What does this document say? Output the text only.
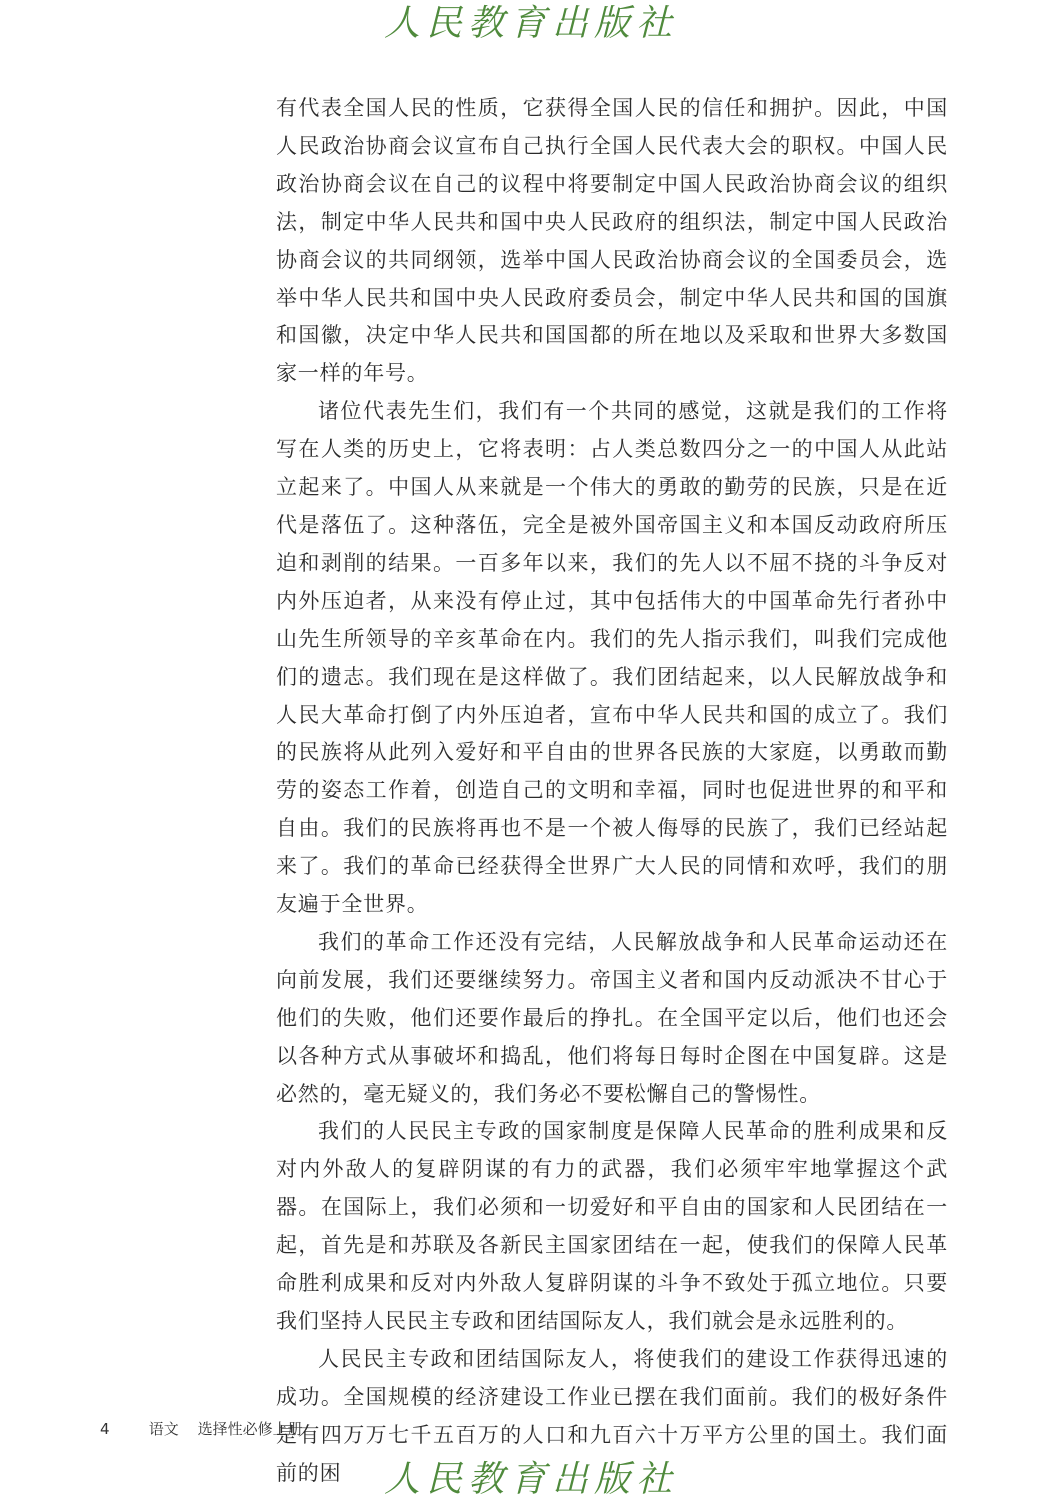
人民教育出版社

有代表全国人民的性质，它获得全国人民的信任和拥护。因此，中国人民政治协商会议宣布自己执行全国人民代表大会的职权。中国人民政治协商会议在自己的议程中将要制定中国人民政治协商会议的组织法，制定中华人民共和国中央人民政府的组织法，制定中国人民政治协商会议的共同纲领，选举中国人民政治协商会议的全国委员会，选举中华人民共和国中央人民政府委员会，制定中华人民共和国的国旗和国徽，决定中华人民共和国国都的所在地以及采取和世界大多数国家一样的年号。

诸位代表先生们，我们有一个共同的感觉，这就是我们的工作将写在人类的历史上，它将表明：占人类总数四分之一的中国人从此站立起来了。中国人从来就是一个伟大的勇敢的勤劳的民族，只是在近代是落伍了。这种落伍，完全是被外国帝国主义和本国反动政府所压迫和剥削的结果。一百多年以来，我们的先人以不屈不挠的斗争反对内外压迫者，从来没有停止过，其中包括伟大的中国革命先行者孙中山先生所领导的辛亥革命在内。我们的先人指示我们，叫我们完成他们的遗志。我们现在是这样做了。我们团结起来，以人民解放战争和人民大革命打倒了内外压迫者，宣布中华人民共和国的成立了。我们的民族将从此列入爱好和平自由的世界各民族的大家庭，以勇敢而勤劳的姿态工作着，创造自己的文明和幸福，同时也促进世界的和平和自由。我们的民族将再也不是一个被人侮辱的民族了，我们已经站起来了。我们的革命已经获得全世界广大人民的同情和欢呼，我们的朋友遍于全世界。

我们的革命工作还没有完结，人民解放战争和人民革命运动还在向前发展，我们还要继续努力。帝国主义者和国内反动派决不甘心于他们的失败，他们还要作最后的挣扎。在全国平定以后，他们也还会以各种方式从事破坏和捣乱，他们将每日每时企图在中国复辟。这是必然的，毫无疑义的，我们务必不要松懈自己的警惕性。

我们的人民民主专政的国家制度是保障人民革命的胜利成果和反对内外敌人的复辟阴谋的有力的武器，我们必须牢牢地掌握这个武器。在国际上，我们必须和一切爱好和平自由的国家和人民团结在一起，首先是和苏联及各新民主国家团结在一起，使我们的保障人民革命胜利成果和反对内外敌人复辟阴谋的斗争不致处于孤立地位。只要我们坚持人民民主专政和团结国际友人，我们就会是永远胜利的。

人民民主专政和团结国际友人，将使我们的建设工作获得迅速的成功。全国规模的经济建设工作业已摆在我们面前。我们的极好条件是有四万万七千五百万的人口和九百六十万平方公里的国土。我们面前的困

4	语文 选择性必修上册
人民教育出版社
